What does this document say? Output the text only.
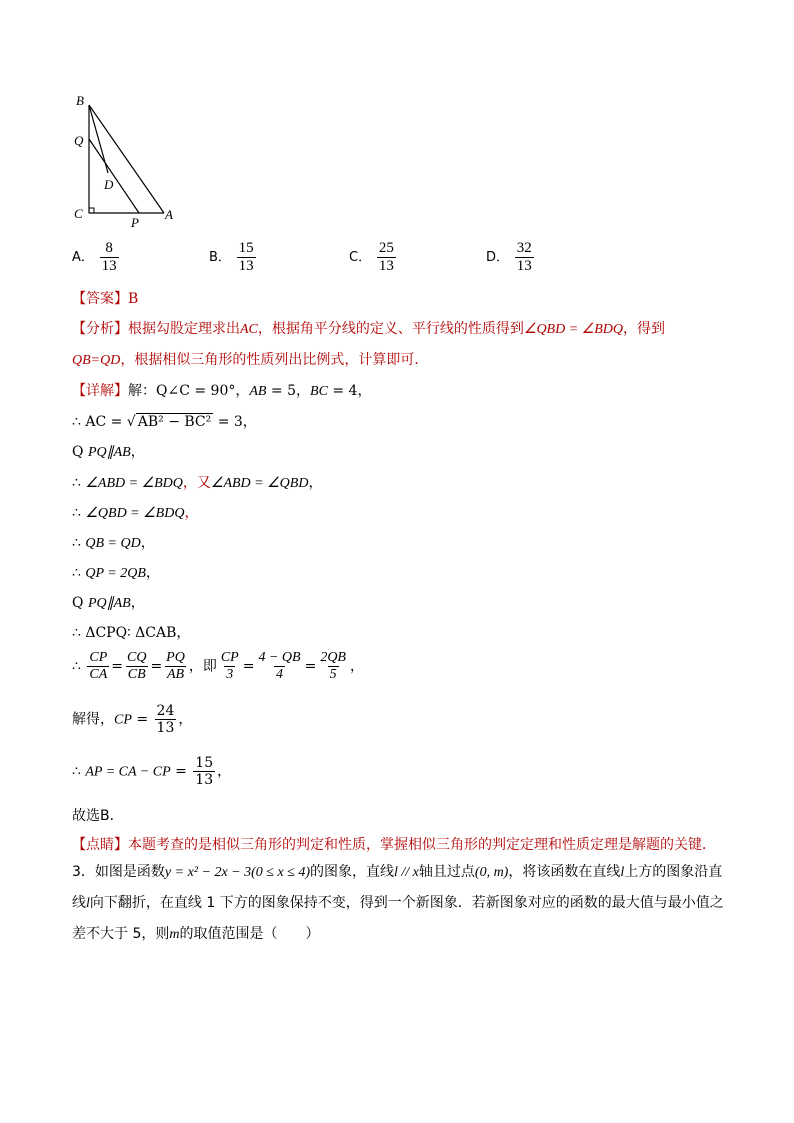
B
Q
D
C
P
A
A． $\frac{8}{13}$	B． $\frac{15}{13}$	C． $\frac{25}{13}$	D． $\frac{32}{13}$
【答案】B
【分析】根据勾股定理求出AC，根据角平分线的定义、平行线的性质得到∠QBD = ∠BDQ，得到
QB=QD，根据相似三角形的性质列出比例式，计算即可．
【详解】解：Q∠C = 90°，AB = 5，BC = 4，
∴ AC = √ AB² − BC² = 3，
Q PQ∥AB，
∴ ∠ABD = ∠BDQ，又∠ABD = ∠QBD，
∴ ∠QBD = ∠BDQ，
∴ QB = QD，
∴ QP = 2QB，
Q PQ∥AB，
∴ ΔCPQ∶ ΔCAB，
∴ $\frac{CP}{CA} = \frac{CQ}{CB} = \frac{PQ}{AB}$ ，即 $\frac{CP}{3} = \frac{4 - QB}{4} = \frac{2QB}{5}$ ，
解得，CP = $\frac{24}{13}$ ，
∴ AP = CA − CP = $\frac{15}{13}$ ，
故选B．
【点睛】本题考查的是相似三角形的判定和性质，掌握相似三角形的判定定理和性质定理是解题的关键．
3．如图是函数y = x² − 2x − 3(0 ≤ x ≤ 4)的图象，直线l // x轴且过点(0, m)，将该函数在直线l上方的图象沿直线l向下翻折，在直线 1 下方的图象保持不变，得到一个新图象．若新图象对应的函数的最大值与最小值之差不大于 5，则m的取值范围是（　　）
